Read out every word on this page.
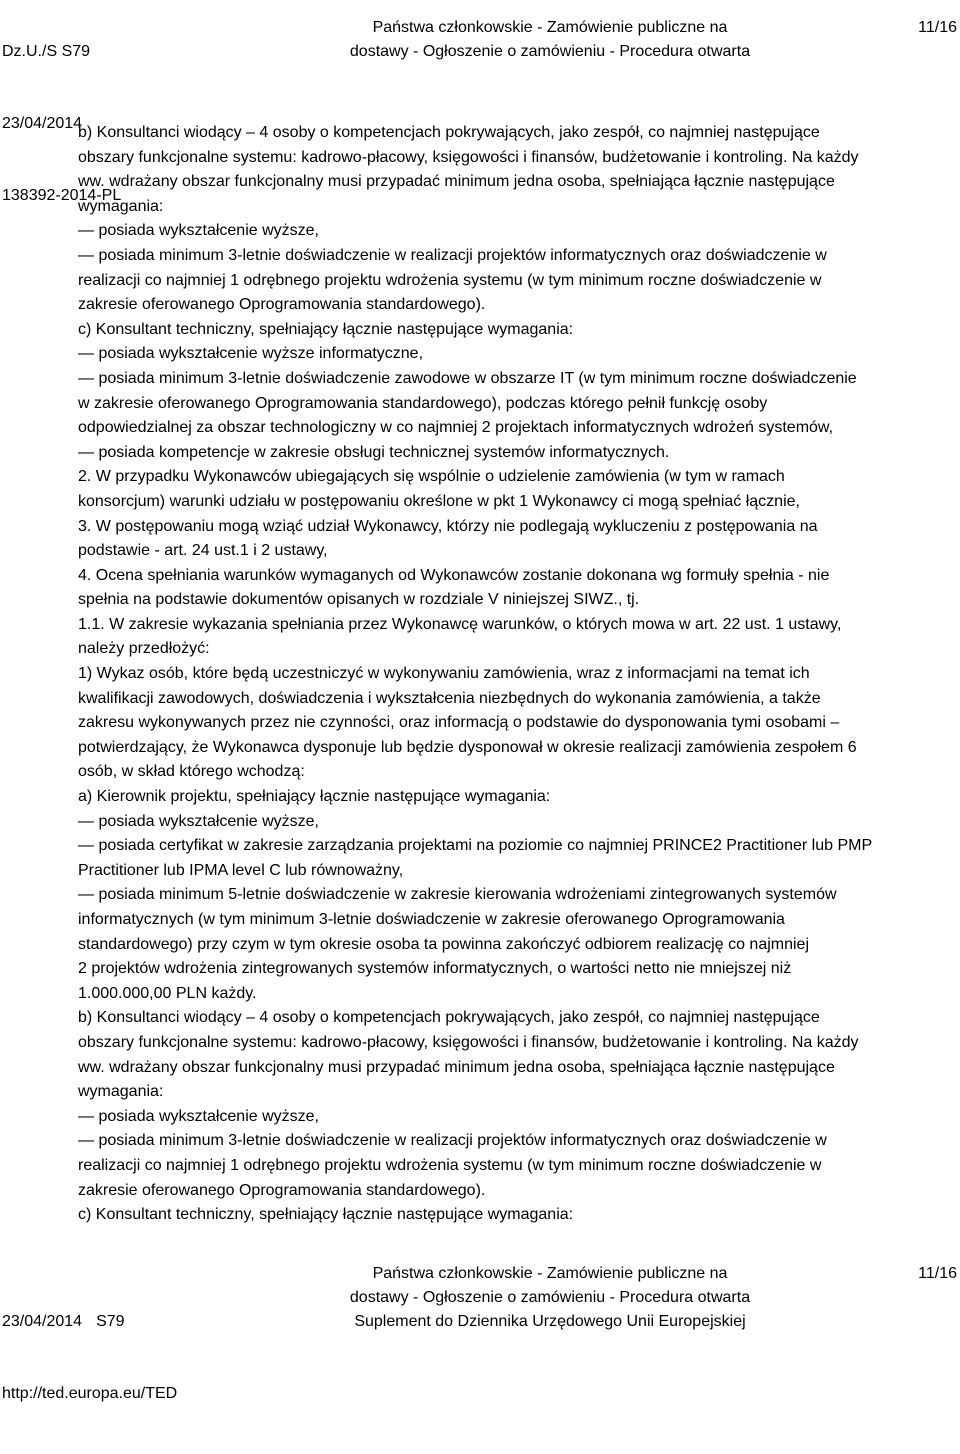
Dz.U./S S79

23/04/2014

138392-2014-PL

Państwa członkowskie - Zamówienie publiczne na
dostawy - Ogłoszenie o zamówieniu - Procedura otwarta
11/16

b) Konsultanci wiodący – 4 osoby o kompetencjach pokrywających, jako zespół, co najmniej następujące

obszary funkcjonalne systemu: kadrowo-płacowy, księgowości i finansów, budżetowanie i kontroling. Na każdy

ww. wdrażany obszar funkcjonalny musi przypadać minimum jedna osoba, spełniająca łącznie następujące

wymagania:

— posiada wykształcenie wyższe,

— posiada minimum 3-letnie doświadczenie w realizacji projektów informatycznych oraz doświadczenie w

realizacji co najmniej 1 odrębnego projektu wdrożenia systemu (w tym minimum roczne doświadczenie w

zakresie oferowanego Oprogramowania standardowego).

c) Konsultant techniczny, spełniający łącznie następujące wymagania:

— posiada wykształcenie wyższe informatyczne,

— posiada minimum 3-letnie doświadczenie zawodowe w obszarze IT (w tym minimum roczne doświadczenie

w zakresie oferowanego Oprogramowania standardowego), podczas którego pełnił funkcję osoby

odpowiedzialnej za obszar technologiczny w co najmniej 2 projektach informatycznych wdrożeń systemów,

— posiada kompetencje w zakresie obsługi technicznej systemów informatycznych.

2. W przypadku Wykonawców ubiegających się wspólnie o udzielenie zamówienia (w tym w ramach

konsorcjum) warunki udziału w postępowaniu określone w pkt 1 Wykonawcy ci mogą spełniać łącznie,

3. W postępowaniu mogą wziąć udział Wykonawcy, którzy nie podlegają wykluczeniu z postępowania na

podstawie - art. 24 ust.1 i 2 ustawy,

4. Ocena spełniania warunków wymaganych od Wykonawców zostanie dokonana wg formuły spełnia - nie

spełnia na podstawie dokumentów opisanych w rozdziale V niniejszej SIWZ., tj.

1.1. W zakresie wykazania spełniania przez Wykonawcę warunków, o których mowa w art. 22 ust. 1 ustawy,

należy przedłożyć:

1) Wykaz osób, które będą uczestniczyć w wykonywaniu zamówienia, wraz z informacjami na temat ich

kwalifikacji zawodowych, doświadczenia i wykształcenia niezbędnych do wykonania zamówienia, a także

zakresu wykonywanych przez nie czynności, oraz informacją o podstawie do dysponowania tymi osobami –

potwierdzający, że Wykonawca dysponuje lub będzie dysponował w okresie realizacji zamówienia zespołem 6

osób, w skład którego wchodzą:

a) Kierownik projektu, spełniający łącznie następujące wymagania:

— posiada wykształcenie wyższe,

— posiada certyfikat w zakresie zarządzania projektami na poziomie co najmniej PRINCE2 Practitioner lub PMP

Practitioner lub IPMA level C lub równoważny,

— posiada minimum 5-letnie doświadczenie w zakresie kierowania wdrożeniami zintegrowanych systemów

informatycznych (w tym minimum 3-letnie doświadczenie w zakresie oferowanego Oprogramowania

standardowego) przy czym w tym okresie osoba ta powinna zakończyć odbiorem realizację co najmniej

2 projektów wdrożenia zintegrowanych systemów informatycznych, o wartości netto nie mniejszej niż

1.000.000,00 PLN każdy.

b) Konsultanci wiodący – 4 osoby o kompetencjach pokrywających, jako zespół, co najmniej następujące

obszary funkcjonalne systemu: kadrowo-płacowy, księgowości i finansów, budżetowanie i kontroling. Na każdy

ww. wdrażany obszar funkcjonalny musi przypadać minimum jedna osoba, spełniająca łącznie następujące

wymagania:

— posiada wykształcenie wyższe,

— posiada minimum 3-letnie doświadczenie w realizacji projektów informatycznych oraz doświadczenie w

realizacji co najmniej 1 odrębnego projektu wdrożenia systemu (w tym minimum roczne doświadczenie w

zakresie oferowanego Oprogramowania standardowego).

c) Konsultant techniczny, spełniający łącznie następujące wymagania:

23/04/2014 S79

http://ted.europa.eu/TED

Państwa członkowskie - Zamówienie publiczne na
dostawy - Ogłoszenie o zamówieniu - Procedura otwarta
Suplement do Dziennika Urzędowego Unii Europejskiej
11/16
